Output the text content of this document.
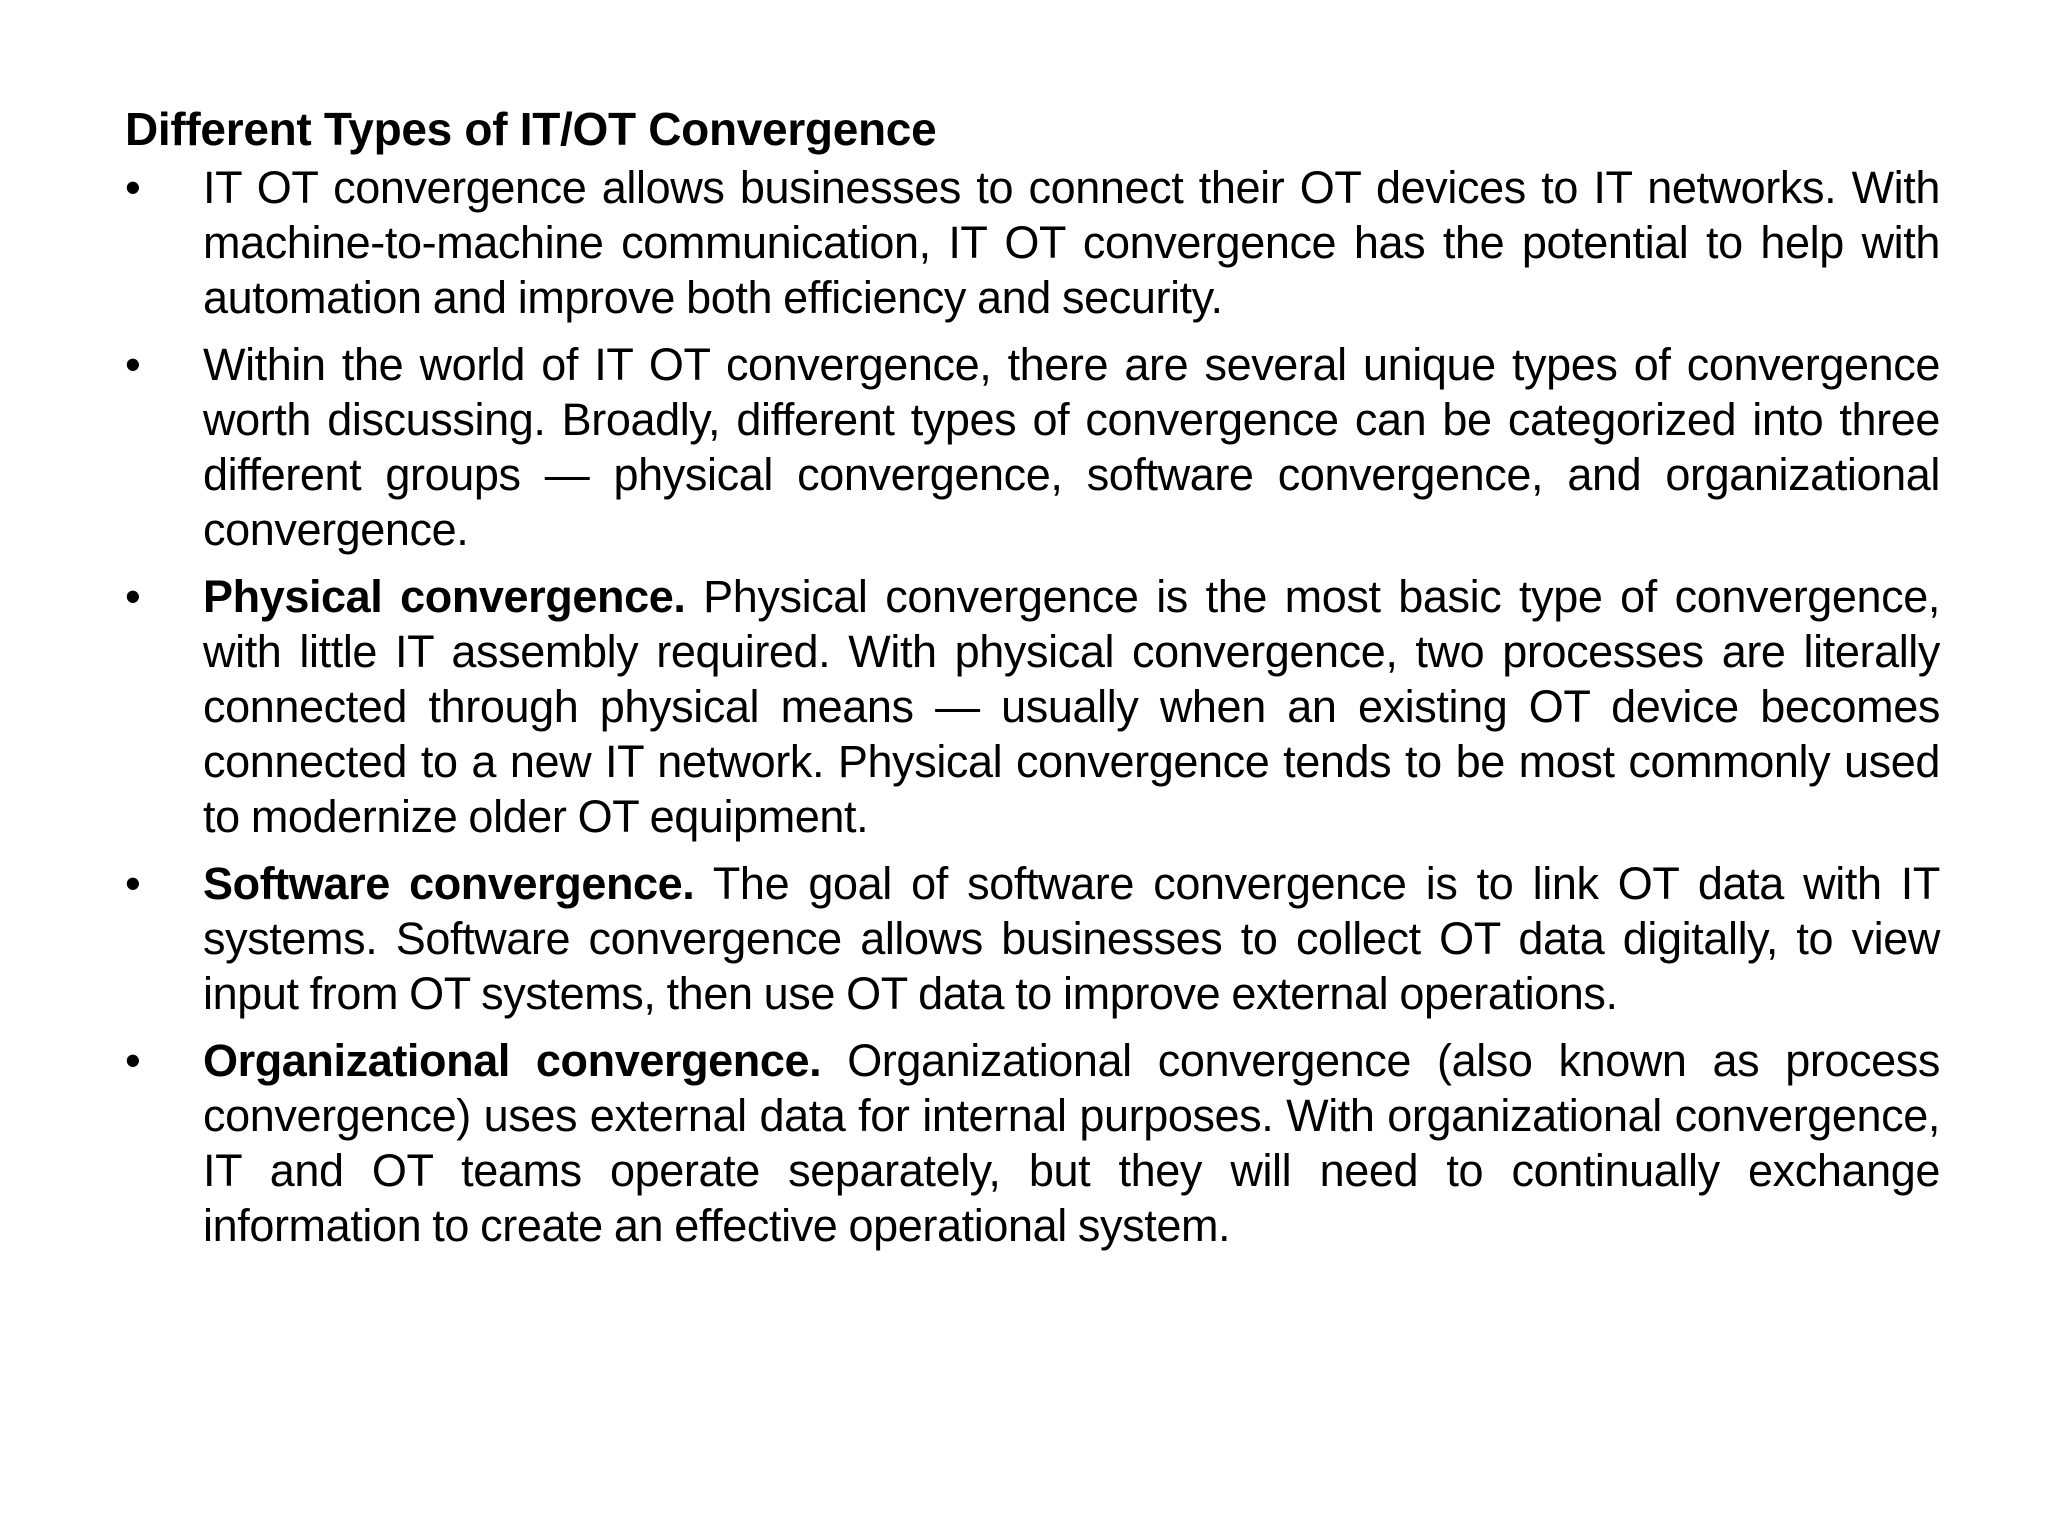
Different Types of IT/OT Convergence
•	IT OT convergence allows businesses to connect their OT devices to IT networks. With machine-to-machine communication, IT OT convergence has the potential to help with automation and improve both efficiency and security.
•	Within the world of IT OT convergence, there are several unique types of convergence worth discussing. Broadly, different types of convergence can be categorized into three different groups — physical convergence, software convergence, and organizational convergence.
•	Physical convergence. Physical convergence is the most basic type of convergence, with little IT assembly required. With physical convergence, two processes are literally connected through physical means — usually when an existing OT device becomes connected to a new IT network. Physical convergence tends to be most commonly used to modernize older OT equipment.
•	Software convergence. The goal of software convergence is to link OT data with IT systems. Software convergence allows businesses to collect OT data digitally, to view input from OT systems, then use OT data to improve external operations.
•	Organizational convergence. Organizational convergence (also known as process convergence) uses external data for internal purposes. With organizational convergence, IT and OT teams operate separately, but they will need to continually exchange information to create an effective operational system.
